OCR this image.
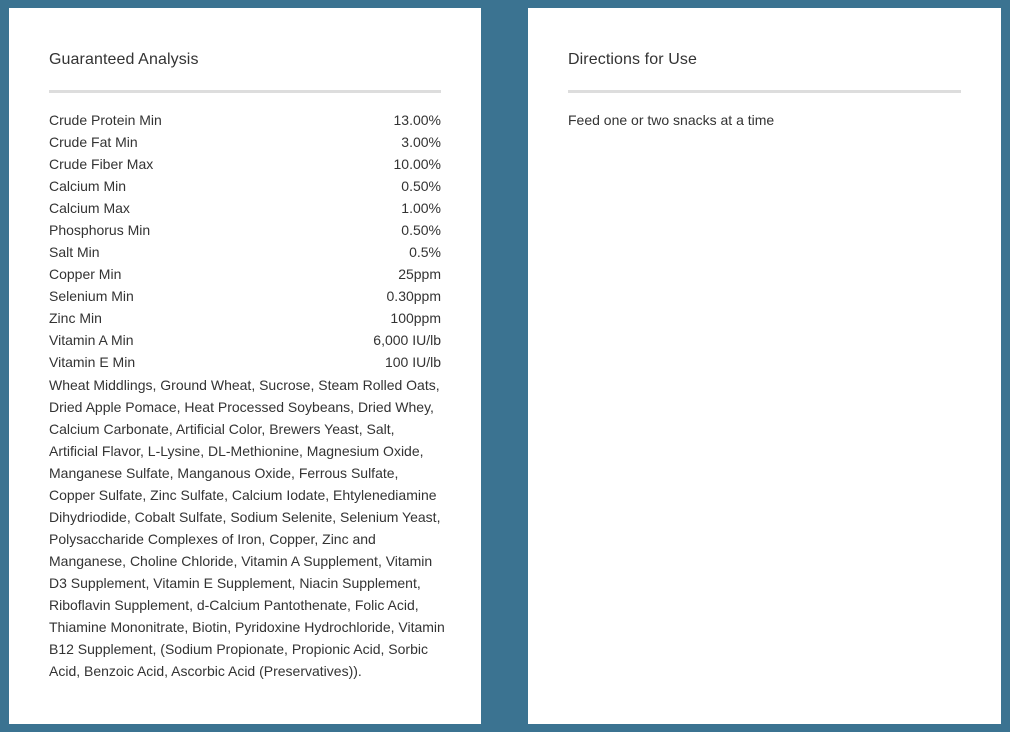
Guaranteed Analysis
Crude Protein Min	13.00%
Crude Fat Min	3.00%
Crude Fiber Max	10.00%
Calcium Min	0.50%
Calcium Max	1.00%
Phosphorus Min	0.50%
Salt Min	0.5%
Copper Min	25ppm
Selenium Min	0.30ppm
Zinc Min	100ppm
Vitamin A Min	6,000 IU/lb
Vitamin E Min	100 IU/lb

Wheat Middlings, Ground Wheat, Sucrose, Steam Rolled Oats, Dried Apple Pomace, Heat Processed Soybeans, Dried Whey, Calcium Carbonate, Artificial Color, Brewers Yeast, Salt, Artificial Flavor, L-Lysine, DL-Methionine, Magnesium Oxide, Manganese Sulfate, Manganous Oxide, Ferrous Sulfate, Copper Sulfate, Zinc Sulfate, Calcium Iodate, Ehtylenediamine Dihydriodide, Cobalt Sulfate, Sodium Selenite, Selenium Yeast, Polysaccharide Complexes of Iron, Copper, Zinc and Manganese, Choline Chloride, Vitamin A Supplement, Vitamin D3 Supplement, Vitamin E Supplement, Niacin Supplement, Riboflavin Supplement, d-Calcium Pantothenate, Folic Acid, Thiamine Mononitrate, Biotin, Pyridoxine Hydrochloride, Vitamin B12 Supplement, (Sodium Propionate, Propionic Acid, Sorbic Acid, Benzoic Acid, Ascorbic Acid (Preservatives)).

Directions for Use

Feed one or two snacks at a time
